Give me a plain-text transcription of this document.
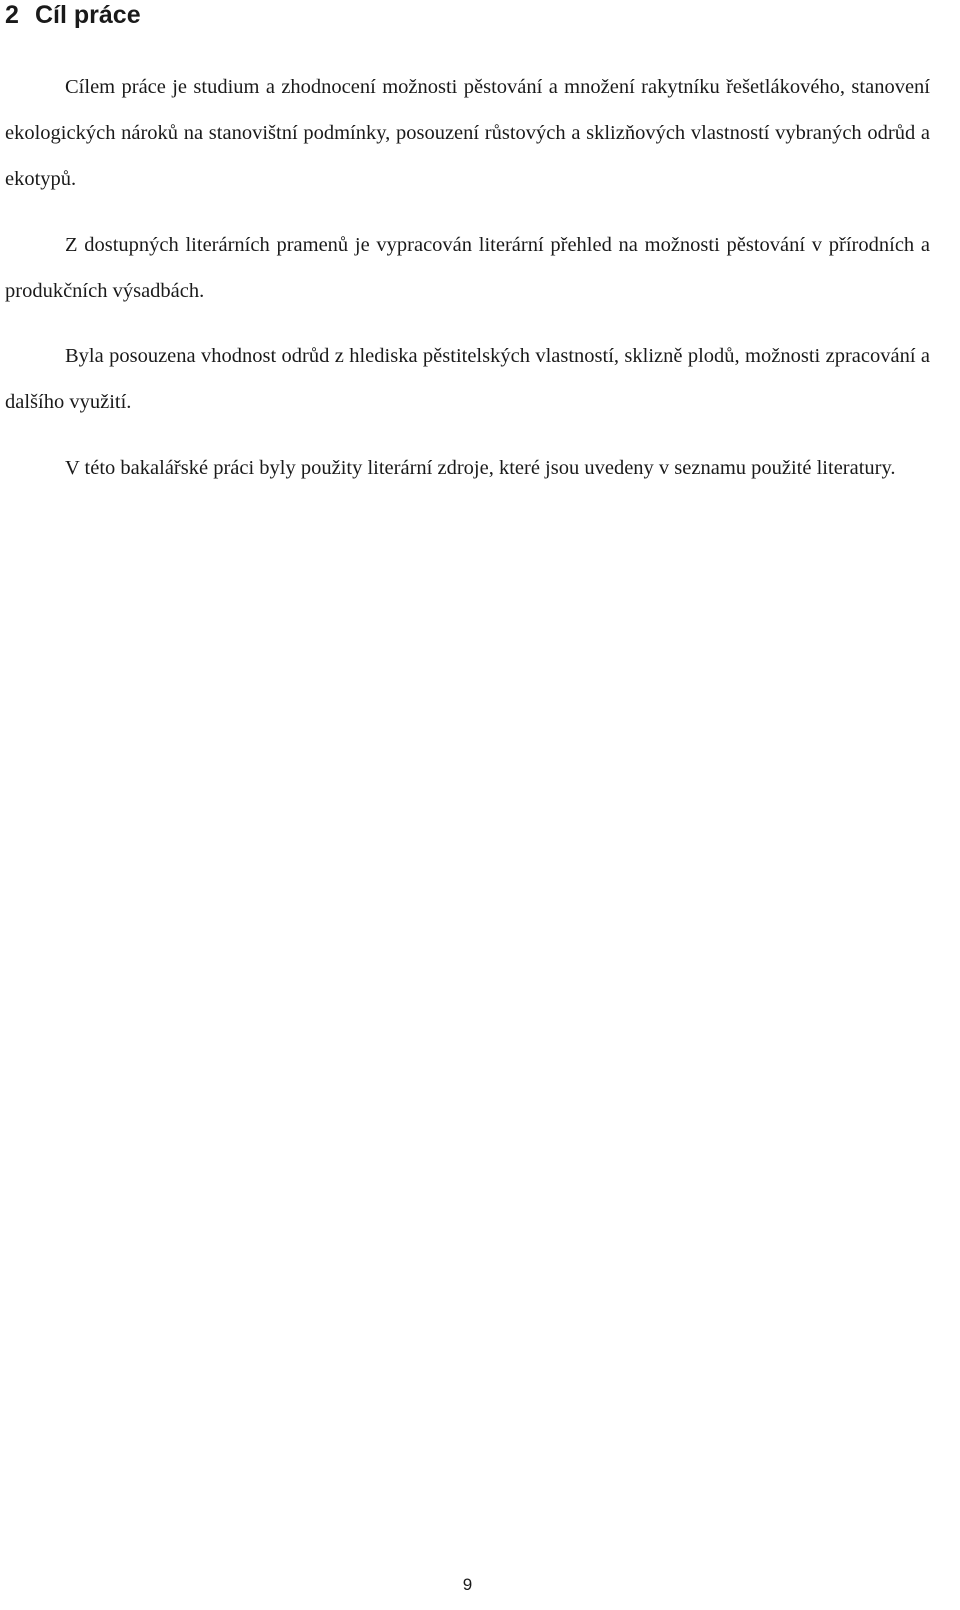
2 Cíl práce

Cílem práce je studium a zhodnocení možnosti pěstování a množení rakytníku řešetlákového, stanovení ekologických nároků na stanovištní podmínky, posouzení růstových a sklizňových vlastností vybraných odrůd a ekotypů.

Z dostupných literárních pramenů je vypracován literární přehled na možnosti pěstování v přírodních a produkčních výsadbách.

Byla posouzena vhodnost odrůd z hlediska pěstitelských vlastností, sklizně plodů, možnosti zpracování a dalšího využití.

V této bakalářské práci byly použity literární zdroje, které jsou uvedeny v seznamu použité literatury.

9
